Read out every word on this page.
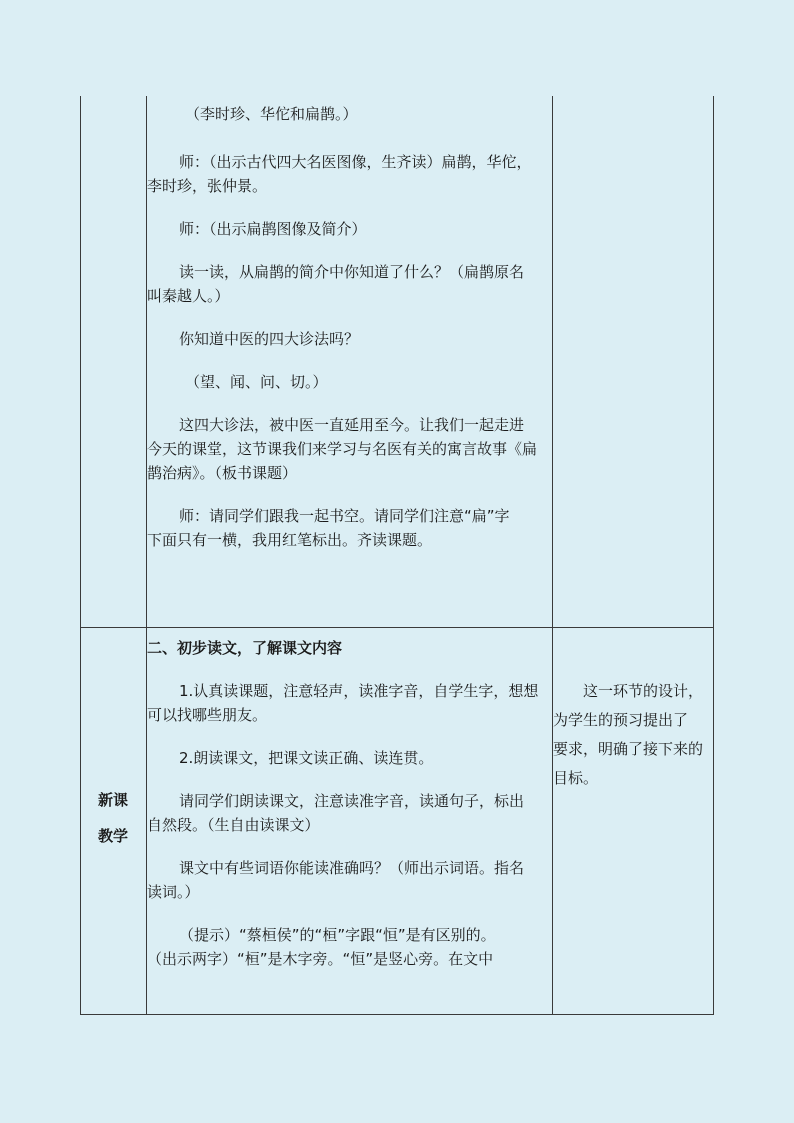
（李时珍、华佗和扁鹊。）

师：（出示古代四大名医图像，生齐读）扁鹊，华佗，

李时珍，张仲景。

师：（出示扁鹊图像及简介）

读一读，从扁鹊的简介中你知道了什么？（扁鹊原名

叫秦越人。）

你知道中医的四大诊法吗？

（望、闻、问、切。）

这四大诊法，被中医一直延用至今。让我们一起走进

今天的课堂，这节课我们来学习与名医有关的寓言故事《扁

鹊治病》。（板书课题）

师：请同学们跟我一起书空。请同学们注意“扁”字

下面只有一横，我用红笔标出。齐读课题。

新课
教学

二、初步读文，了解课文内容

1.认真读课题，注意轻声，读准字音，自学生字，想想

可以找哪些朋友。

2.朗读课文，把课文读正确、读连贯。

请同学们朗读课文，注意读准字音，读通句子，标出

自然段。（生自由读课文）

课文中有些词语你能读准确吗？（师出示词语。指名

读词。）

（提示）“蔡桓侯”的“桓”字跟“恒”是有区别的。

（出示两字）“桓”是木字旁。“恒”是竖心旁。在文中

这一环节的设计，

为学生的预习提出了

要求，明确了接下来的

目标。
